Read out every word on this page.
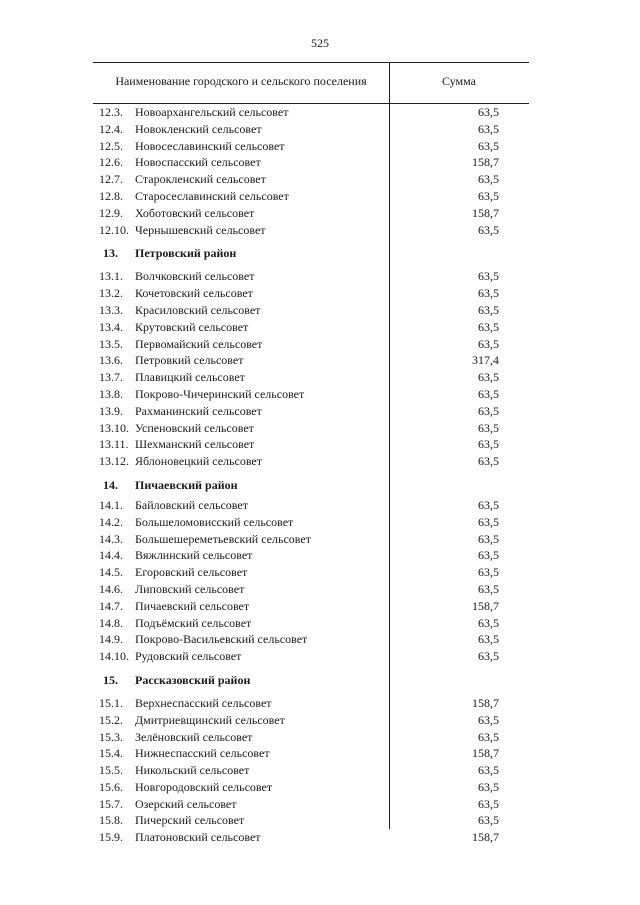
525
Наименование городского и сельского поселения	Сумма
12.3.	Новоархангельский сельсовет	63,5
12.4.	Новокленский сельсовет	63,5
12.5.	Новосеславинский сельсовет	63,5
12.6.	Новоспасский сельсовет	158,7
12.7.	Старокленский сельсовет	63,5
12.8.	Старосеславинский сельсовет	63,5
12.9.	Хоботовский сельсовет	158,7
12.10. Чернышевский сельсовет	63,5
13.	Петровский район
13.1.	Волчковский сельсовет	63,5
13.2.	Кочетовский сельсовет	63,5
13.3.	Красиловский сельсовет	63,5
13.4.	Крутовский сельсовет	63,5
13.5.	Первомайский сельсовет	63,5
13.6.	Петровкий сельсовет	317,4
13.7.	Плавицкий сельсовет	63,5
13.8.	Покрово-Чичеринский сельсовет	63,5
13.9.	Рахманинский сельсовет	63,5
13.10. Успеновский сельсовет	63,5
13.11. Шехманский сельсовет	63,5
13.12. Яблоновецкий сельсовет	63,5
14.	Пичаевский район
14.1.	Байловский сельсовет	63,5
14.2.	Большеломовисский сельсовет	63,5
14.3.	Большешереметьевский сельсовет	63,5
14.4.	Вяжлинский сельсовет	63,5
14.5.	Егоровский сельсовет	63,5
14.6.	Липовский сельсовет	63,5
14.7.	Пичаевский сельсовет	158,7
14.8.	Подъёмский сельсовет	63,5
14.9.	Покрово-Васильевский сельсовет	63,5
14.10. Рудовский сельсовет	63,5
15.	Рассказовский район
15.1.	Верхнеспасский сельсовет	158,7
15.2.	Дмитриевщинский сельсовет	63,5
15.3.	Зелёновский сельсовет	63,5
15.4.	Нижнеспасский сельсовет	158,7
15.5.	Никольский сельсовет	63,5
15.6.	Новгородовский сельсовет	63,5
15.7.	Озерский сельсовет	63,5
15.8.	Пичерский сельсовет	63,5
15.9.	Платоновский сельсовет	158,7
